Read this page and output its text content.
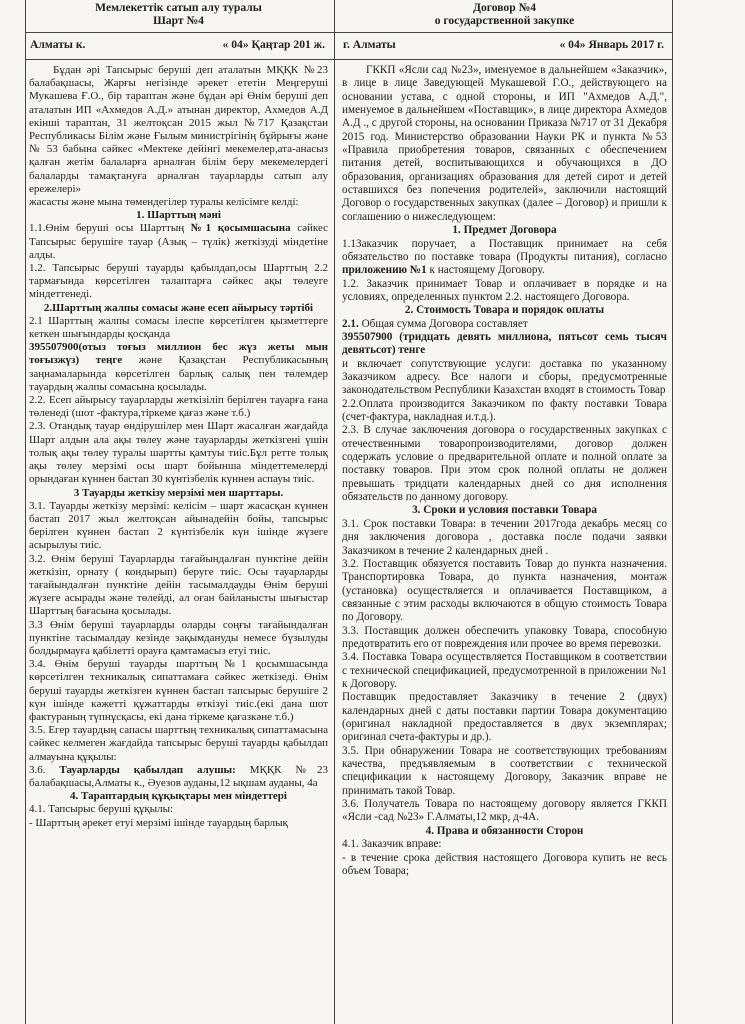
Мемлекеттік сатып алу туралы
Шарт №4
Алматы к.	« 04» Қаңтар 201 ж.

Бұдан әрі Тапсырыс беруші деп аталатын МҚҚК №23 балабақшасы, Жарғы негізінде әрекет ететін Меңгеруші Мукашева Ғ.О., бір тараптан және бұдан әрі Өнім беруші деп аталатын ИП «Ахмедов А.Д.» атынан директор, Ахмедов А.Д екінші тараптан, 31 желтоқсан 2015 жыл №717 Қазақстан Республикасы Білім және Ғылым министрігінің бұйрығы және № 53 бабына сәйкес «Мектеке дейінгі мекемелер,ата-анасыз қалған жетім балаларға арналған білім беру мекемелердегі балаларды тамақтануға арналған тауарларды сатып алу ережелері»

жасасты және мына төмендегілер туралы келісімге келді:

1. Шарттың мәні

1.1.Өнім беруші осы Шарттың №1 қосымшасына сәйкес Тапсырыс берушіге тауар (Азық – түлік) жеткізуді міндетіне алды.

1.2. Тапсырыс беруші тауарды қабылдап,осы Шарттың 2.2 тармағында көрсетілген талаптарға сәйкес ақы төлеуге міндеттенеді.

2.Шарттың жалпы сомасы және есеп айырысу тәртібі

2.1 Шарттың жалпы сомасы ілеспе көрсетілген қызметтерге кеткен шығындарды қосқанда

395507900(отыз тоғыз миллион бес жүз жеты мын тоғызжүз) теңге және Қазақстан Республикасының заңнамаларында көрсетілген барлық салық пен төлемдер тауардың жалпы сомасына қосылады.

2.2. Есеп айырысу тауарларды жеткізіліп берілген тауарға ғана төленеді (шот -фактура,тіркеме қағаз және т.б.)

2.3. Отандық тауар өндірушілер мен Шарт жасалған жағдайда Шарт алдын ала ақы төлеу және тауарларды жеткізгені үшін толық ақы төлеу туралы шартты қамтуы тиіс.Бұл ретте толық ақы төлеу мерзімі осы шарт бойынша міндеттемелерді орындаған күннен бастап 30 күнтізбелік күннен аспауы тиіс.

3 Тауарды жеткізу мерзімі мен шарттары.

3.1. Тауарды жеткізу мерзімі: келісім – шарт жасасқан күннен бастап 2017 жыл желтоқсан айынадейін бойы, тапсырыс берілген күннен бастап 2 күнтізбелік күн ішінде жүзеге асырылуы тиіс.

3.2. Өнім беруші Тауарларды тағайындалған пунктіне дейін жеткізіп, орнату ( кондырып) беруге тиіс. Осы тауарларды тағайындалған пунктіне дейін тасымалдауды Өнім беруші жүзеге асырады және төлейді, ал оған байланысты шығыстар Шарттың бағасына қосылады.

3.3 Өнім беруші тауарларды оларды соңғы тағайындалған пунктіне тасымалдау кезінде зақымдануды немесе бүзылуды болдырмауға қабілетті орауға қамтамасыз етуі тиіс.

3.4. Өнім беруші тауарды шарттың№1 қосымшасында көрсетілген техникалық сипаттамаға сәйкес жеткізеді. Өнім беруші тауарды жеткізген күннен бастап тапсырыс берушіге 2 күн ішінде кәжетті құжаттарды өткізуі тиіс.(екі дана шот фактураның түпнұсқасы, екі дана тіркеме қағазкәне т.б.)

3.5. Егер тауардың сапасы шарттың техникалық сипаттамасына сәйкес келмеген жағдайда тапсырыс беруші тауарды қабылдап алмауына құқылы:

3.6. Тауарларды қабылдап алушы: МҚҚК №23 балабақшасы,Алматы к., Әуезов ауданы,12 ықшам ауданы, 4а

4. Тараптардың құқықтары мен міндеттері

4.1. Тапсырыс беруші құқылы:

- Шарттың әрекет етуі мерзімі ішінде тауардың барлық

Договор №4
о государственной закупке
г. Алматы	« 04» Январь 2017 г.

ГККП «Ясли сад №23», именуемое в дальнейшем «Заказчик», в лице в лице Заведующей Мукашевой Г.О., действующего на основании устава, с одной стороны, и ИП "Ахмедов А.Д.", именуемое в дальнейшем «Поставщик», в лице директора Ахмедов А.Д ., с другой стороны, на основании Приказа №717 от 31 Декабря 2015 год. Министерство образовании Науки РК и пункта №53 «Правила приобретения товаров, связанных с обеспечением питания детей, воспитывающихся и обучающихся в ДО образования, организациях образования для детей сирот и детей оставшихся без попечения родителей», заключили настоящий Договор о государственных закупках (далее – Договор) и пришли к соглашению о нижеследующем:

1. Предмет Договора

1.1Заказчик поручает, а Поставщик принимает на себя обязательство по поставке товара (Продукты питания), согласно приложению №1 к настоящему Договору.

1.2. Заказчик принимает Товар и оплачивает в порядке и на условиях, определенных пунктом 2.2. настоящего Договора.

2. Стоимость Товара и порядок оплаты

2.1. Общая сумма Договора составляет

395507900 (тридцать девять миллиона, пятьсот семь тысяч девятьсот) тенге

и включает сопутствующие услуги: доставка по указанному Заказчиком адресу. Все налоги и сборы, предусмотренные законодательством Республики Казахстан входят в стоимость Товар

2.2.Оплата производится Заказчиком по факту поставки Товара (счет-фактура, накладная и.т.д.).

2.3. В случае заключения договора о государственных закупках с отечественными товаропроизводителями, договор должен содержать условие о предварительной оплате и полной оплате за поставку товаров. При этом срок полной оплаты не должен превышать тридцати календарных дней со дня исполнения обязательств по данному договору.

3. Сроки и условия поставки Товара

3.1. Срок поставки Товара: в течении 2017года декабрь месяц со дня заключения договора , доставка после подачи заявки Заказчиком в течение 2 календарных дней .

3.2. Поставщик обязуется поставить Товар до пункта назначения. Транспортировка Товара, до пункта назначения, монтаж (установка) осуществляется и оплачивается Поставщиком, а связанные с этим расходы включаются в общую стоимость Товара по Договору.

3.3. Поставщик должен обеспечить упаковку Товара, способную предотвратить его от повреждения или прочее во время перевозки.

3.4. Поставка Товара осуществляется Поставщиком в соответствии с технической спецификацией, предусмотренной в приложении №1 к Договору.

Поставщик предоставляет Заказчику в течение 2 (двух) календарных дней с даты поставки партии Товара документацию (оригинал накладной предоставляется в двух экземплярах; оригинал счета-фактуры и др.).

3.5. При обнаружении Товара не соответствующих требованиям качества, предъявляемым в соответствии с технической спецификации к настоящему Договору, Заказчик вправе не принимать такой Товар.

3.6. Получатель Товара по настоящему договору является ГККП «Ясли -сад №23» Г.Алматы,12 мкр, д-4А.

4. Права и обязанности Сторон

4.1. Заказчик вправе:

- в течение срока действия настоящего Договора купить не весь объем Товара;
